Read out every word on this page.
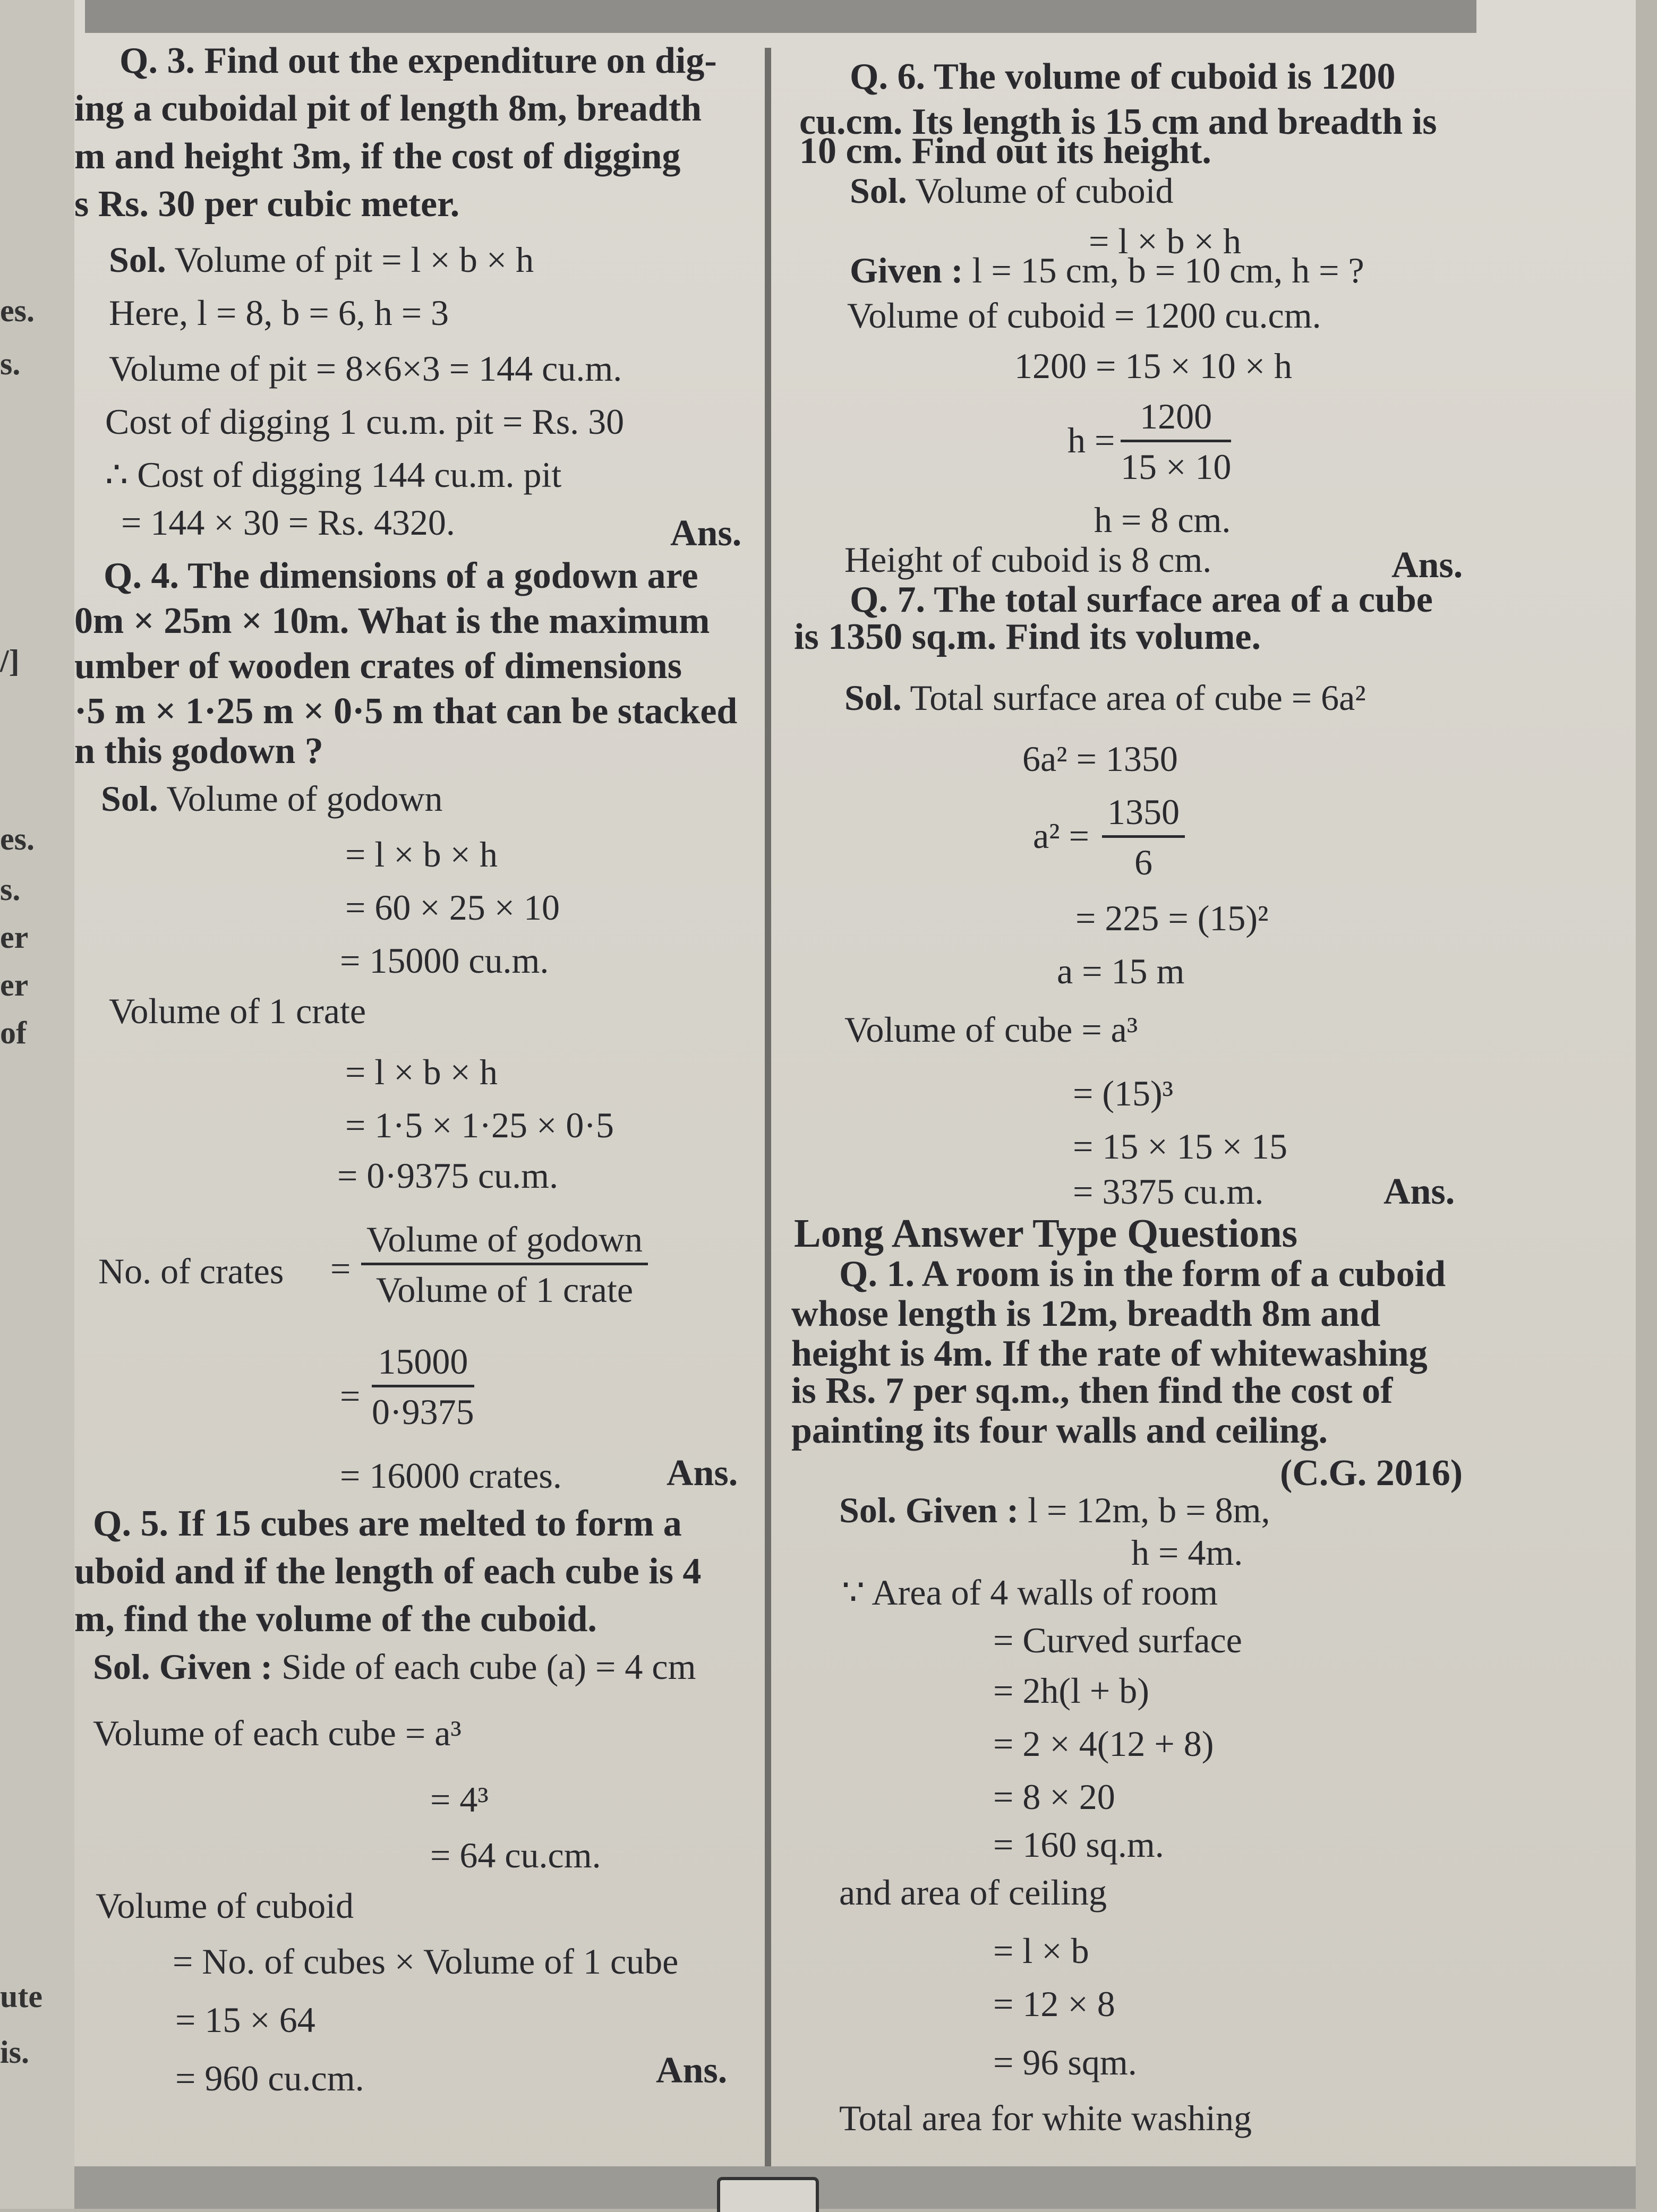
es.
s.
/]
es.
s.
er
er
of
ute
is.
Q. 3. Find out the expenditure on dig-
ing a cuboidal pit of length 8m, breadth
m and height 3m, if the cost of digging
s Rs. 30 per cubic meter.
Sol. Volume of pit = l × b × h
Here, l = 8, b = 6, h = 3
Volume of pit = 8×6×3 = 144 cu.m.
Cost of digging 1 cu.m. pit = Rs. 30
∴ Cost of digging 144 cu.m. pit
= 144 × 30 = Rs. 4320.	Ans.
Q. 4. The dimensions of a godown are
0m × 25m × 10m. What is the maximum
umber of wooden crates of dimensions
·5 m × 1·25 m × 0·5 m that can be stacked
n this godown ?
Sol. Volume of godown
= l × b × h
= 60 × 25 × 10
= 15000 cu.m.
Volume of 1 crate
= l × b × h
= 1·5 × 1·25 × 0·5
= 0·9375 cu.m.
No. of crates =
Volume of godown
Volume of 1 crate
= $\frac{15000}{0\cdot 9375}$
= 16000 crates.	Ans.
Q. 5. If 15 cubes are melted to form a
uboid and if the length of each cube is 4
m, find the volume of the cuboid.
Sol. Given : Side of each cube (a) = 4 cm
Volume of each cube = a³
= 4³
= 64 cu.cm.
Volume of cuboid
= No. of cubes × Volume of 1 cube
= 15 × 64
= 960 cu.cm.	Ans.
Q. 6. The volume of cuboid is 1200
cu.cm. Its length is 15 cm and breadth is
10 cm. Find out its height.
Sol. Volume of cuboid
= l × b × h
Given : l = 15 cm, b = 10 cm, h = ?
Volume of cuboid = 1200 cu.cm.
1200 = 15 × 10 × h
$h = \frac{1200}{15 \times 10}$
h = 8 cm.
Height of cuboid is 8 cm.	Ans.
Q. 7. The total surface area of a cube
is 1350 sq.m. Find its volume.
Sol. Total surface area of cube = 6a²
6a² = 1350
$a^2 = \frac{1350}{6}$
= 225 = (15)²
a = 15 m
Volume of cube = a³
= (15)³
= 15 × 15 × 15
= 3375 cu.m.	Ans.
Long Answer Type Questions
Q. 1. A room is in the form of a cuboid
whose length is 12m, breadth 8m and
height is 4m. If the rate of whitewashing
is Rs. 7 per sq.m., then find the cost of
painting its four walls and ceiling.
(C.G. 2016)
Sol. Given : l = 12m, b = 8m,
h = 4m.
∵ Area of 4 walls of room
= Curved surface
= 2h(l + b)
= 2 × 4(12 + 8)
= 8 × 20
= 160 sq.m.
and area of ceiling
= l × b
= 12 × 8
= 96 sqm.
Total area for white washing
